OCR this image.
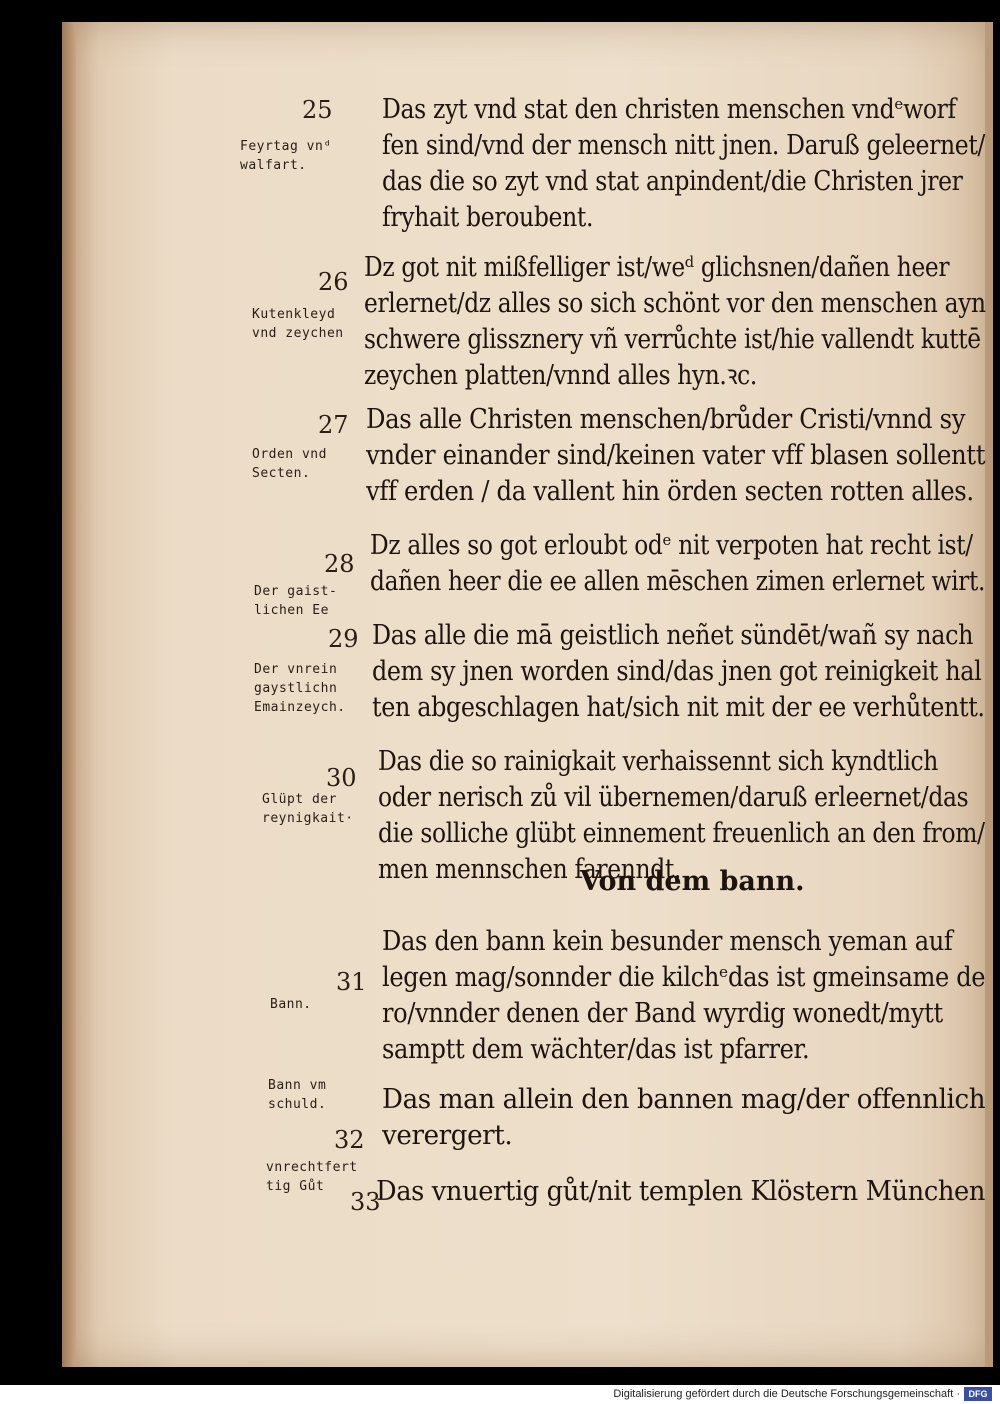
25
26
27
28
29
30
31
32
33
Feyrtag vnᵈ
walfart.
Kutenkleyd
vnd zeychen
Orden vnd
Secten.
Der gaist-
lichen Ee
Der vnrein
gaystlichn
Emainzeych.
Glüpt der
reynigkait·
Bann.
Bann vm
schuld.
vnrechtfert
tig Gůt
Das zyt vnd stat den christen menschen vndᵉworf
fen sind/vnd der mensch nitt jnen. Daruß geleernet/
das die so zyt vnd stat anpindent/die Christen jrer
fryhait beroubent.
Dz got nit mißfelliger ist/weᵈ glichsnen/dañen heer
erlernet/dz alles so sich schönt vor den menschen ayn
schwere glissznery vñ verrůchte ist/hie vallendt kuttē
zeychen platten/vnnd alles hyn.ꝛc.
Das alle Christen menschen/brůder Cristi/vnnd sy
vnder einander sind/keinen vater vff blasen sollentt
vff erden / da vallent hin örden secten rotten alles.
Dz alles so got erloubt odᵉ nit verpoten hat recht ist/
dañen heer die ee allen mēschen zimen erlernet wirt.
Das alle die mā geistlich neñet sündēt/wañ sy nach
dem sy jnen worden sind/das jnen got reinigkeit hal
ten abgeschlagen hat/sich nit mit der ee verhůtentt.
Das die so rainigkait verhaissennt sich kyndtlich
oder nerisch zů vil übernemen/daruß erleernet/das
die solliche glübt einnement freuenlich an den from/
men mennschen farenndt.
Von dem bann.
Das den bann kein besunder mensch yeman auf
legen mag/sonnder die kilchᵉdas ist gmeinsame de
ro/vnnder denen der Band wyrdig wonedt/mytt
samptt dem wächter/das ist pfarrer.
Das man allein den bannen mag/der offennlich
verergert.
Das vnuertig gůt/nit templen Klöstern München
Digitalisierung gefördert durch die Deutsche Forschungsgemeinschaft · DFG
